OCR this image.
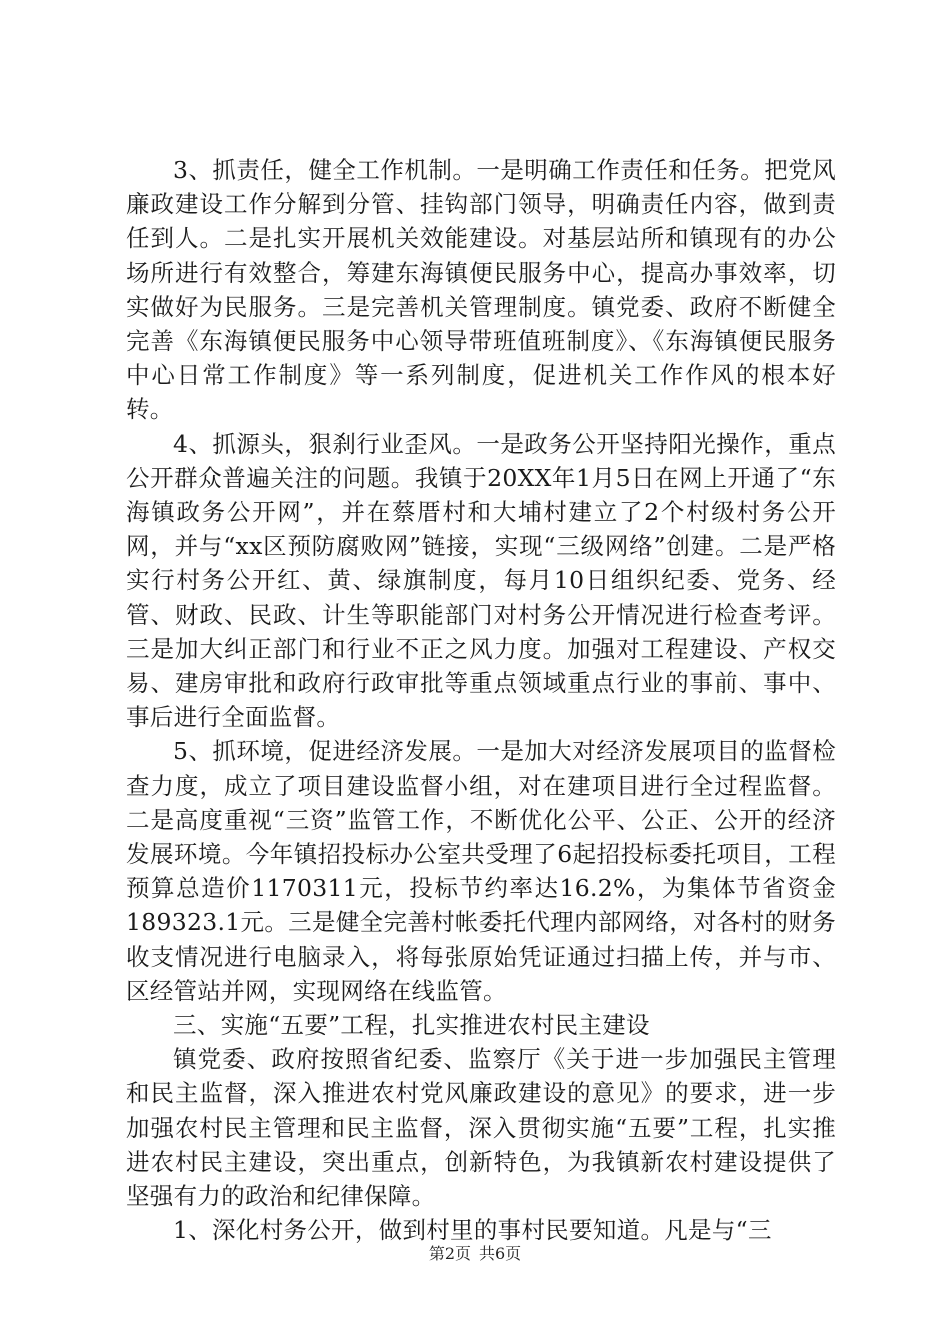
3、抓责任，健全工作机制。一是明确工作责任和任务。把党风廉政建设工作分解到分管、挂钩部门领导，明确责任内容，做到责任到人。二是扎实开展机关效能建设。对基层站所和镇现有的办公场所进行有效整合，筹建东海镇便民服务中心，提高办事效率，切实做好为民服务。三是完善机关管理制度。镇党委、政府不断健全完善《东海镇便民服务中心领导带班值班制度》、《东海镇便民服务中心日常工作制度》等一系列制度，促进机关工作作风的根本好转。

4、抓源头，狠刹行业歪风。一是政务公开坚持阳光操作，重点公开群众普遍关注的问题。我镇于20XX年1月5日在网上开通了“东海镇政务公开网”，并在蔡厝村和大埔村建立了2个村级村务公开网，并与“xx区预防腐败网”链接，实现“三级网络”创建。二是严格实行村务公开红、黄、绿旗制度，每月10日组织纪委、党务、经管、财政、民政、计生等职能部门对村务公开情况进行检查考评。三是加大纠正部门和行业不正之风力度。加强对工程建设、产权交易、建房审批和政府行政审批等重点领域重点行业的事前、事中、事后进行全面监督。

5、抓环境，促进经济发展。一是加大对经济发展项目的监督检查力度，成立了项目建设监督小组，对在建项目进行全过程监督。二是高度重视“三资”监管工作，不断优化公平、公正、公开的经济发展环境。今年镇招投标办公室共受理了6起招投标委托项目，工程预算总造价1170311元，投标节约率达16.2%，为集体节省资金189323.1元。三是健全完善村帐委托代理内部网络，对各村的财务收支情况进行电脑录入，将每张原始凭证通过扫描上传，并与市、区经管站并网，实现网络在线监管。

三、实施“五要”工程，扎实推进农村民主建设

镇党委、政府按照省纪委、监察厅《关于进一步加强民主管理和民主监督，深入推进农村党风廉政建设的意见》的要求，进一步加强农村民主管理和民主监督，深入贯彻实施“五要”工程，扎实推进农村民主建设，突出重点，创新特色，为我镇新农村建设提供了坚强有力的政治和纪律保障。

1、深化村务公开，做到村里的事村民要知道。凡是与“三

第2页 共6页
